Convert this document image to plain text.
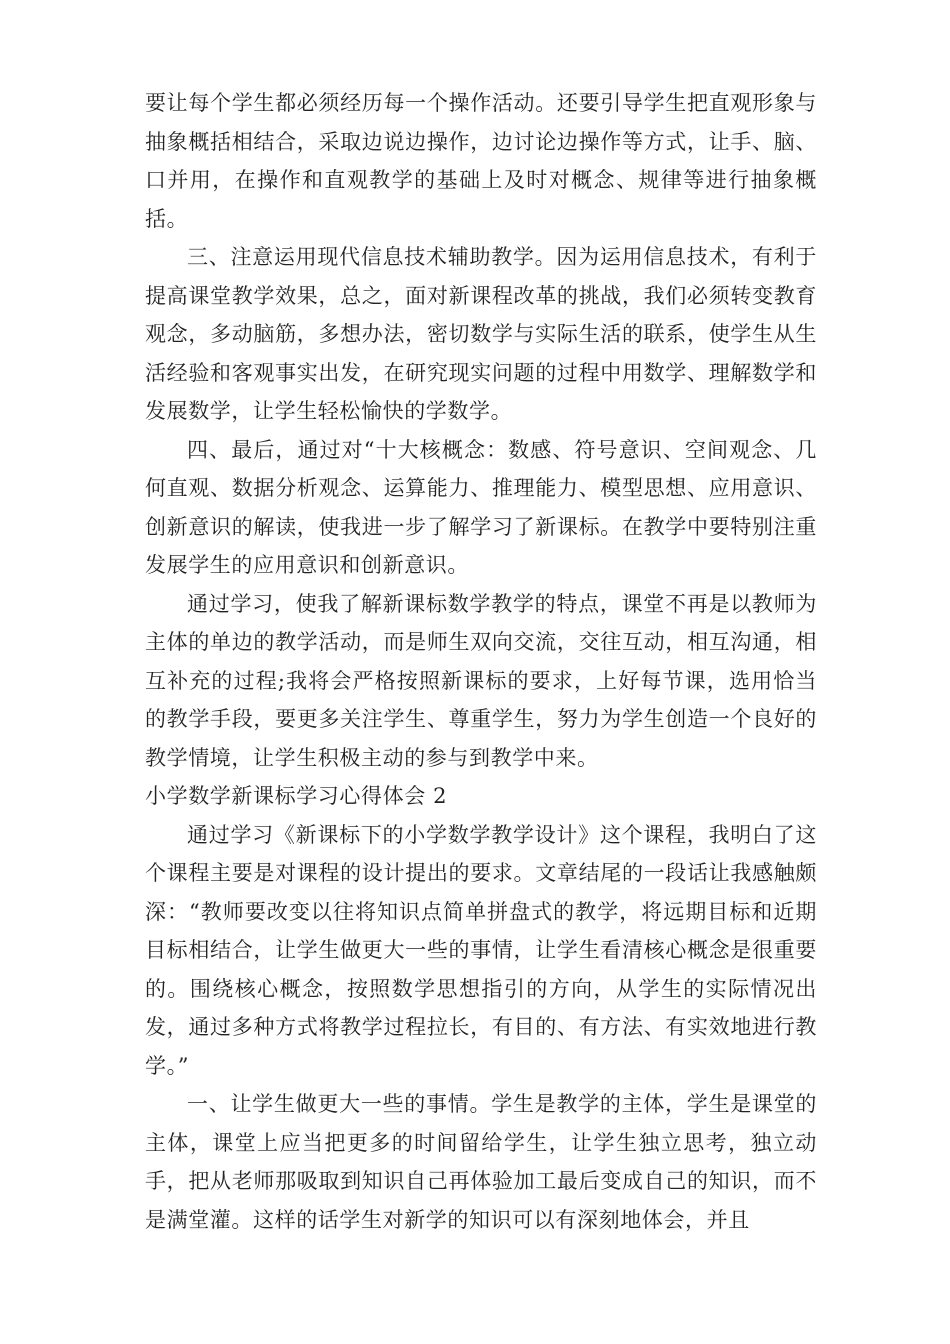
要让每个学生都必须经历每一个操作活动。还要引导学生把直观形象与抽象概括相结合，采取边说边操作，边讨论边操作等方式，让手、脑、口并用，在操作和直观教学的基础上及时对概念、规律等进行抽象概括。

三、注意运用现代信息技术辅助教学。因为运用信息技术，有利于提高课堂教学效果，总之，面对新课程改革的挑战，我们必须转变教育观念，多动脑筋，多想办法，密切数学与实际生活的联系，使学生从生活经验和客观事实出发，在研究现实问题的过程中用数学、理解数学和发展数学，让学生轻松愉快的学数学。

四、最后，通过对“十大核概念：数感、符号意识、空间观念、几何直观、数据分析观念、运算能力、推理能力、模型思想、应用意识、创新意识的解读，使我进一步了解学习了新课标。在教学中要特别注重发展学生的应用意识和创新意识。

通过学习，使我了解新课标数学教学的特点，课堂不再是以教师为主体的单边的教学活动，而是师生双向交流，交往互动，相互沟通，相互补充的过程;我将会严格按照新课标的要求，上好每节课，选用恰当的教学手段，要更多关注学生、尊重学生，努力为学生创造一个良好的教学情境，让学生积极主动的参与到教学中来。

小学数学新课标学习心得体会 2

通过学习《新课标下的小学数学教学设计》这个课程，我明白了这个课程主要是对课程的设计提出的要求。文章结尾的一段话让我感触颇深：“教师要改变以往将知识点简单拼盘式的教学，将远期目标和近期目标相结合，让学生做更大一些的事情，让学生看清核心概念是很重要的。围绕核心概念，按照数学思想指引的方向，从学生的实际情况出发，通过多种方式将教学过程拉长，有目的、有方法、有实效地进行教学。”

一、让学生做更大一些的事情。学生是教学的主体，学生是课堂的主体，课堂上应当把更多的时间留给学生，让学生独立思考，独立动手，把从老师那吸取到知识自己再体验加工最后变成自己的知识，而不是满堂灌。这样的话学生对新学的知识可以有深刻地体会，并且
